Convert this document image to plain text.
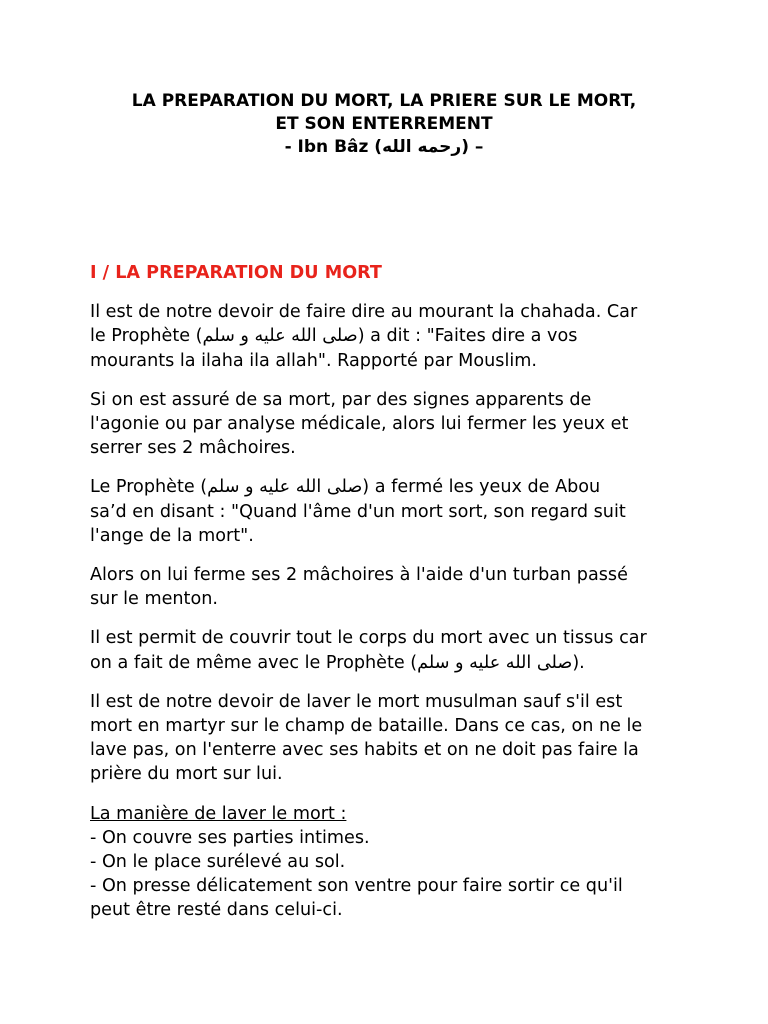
LA PREPARATION DU MORT, LA PRIERE SUR LE MORT,
ET SON ENTERREMENT
- Ibn Bâz (رحمه الله) –
I / LA PREPARATION DU MORT
Il est de notre devoir de faire dire au mourant la chahada. Car
le Prophète (صلى الله عليه و سلم) a dit : "Faites dire a vos
mourants la ilaha ila allah". Rapporté par Mouslim.
Si on est assuré de sa mort, par des signes apparents de
l'agonie ou par analyse médicale, alors lui fermer les yeux et
serrer ses 2 mâchoires.
Le Prophète (صلى الله عليه و سلم) a fermé les yeux de Abou
sa’d en disant : "Quand l'âme d'un mort sort, son regard suit
l'ange de la mort".
Alors on lui ferme ses 2 mâchoires à l'aide d'un turban passé
sur le menton.
Il est permit de couvrir tout le corps du mort avec un tissus car
on a fait de même avec le Prophète (صلى الله عليه و سلم).
Il est de notre devoir de laver le mort musulman sauf s'il est
mort en martyr sur le champ de bataille. Dans ce cas, on ne le
lave pas, on l'enterre avec ses habits et on ne doit pas faire la
prière du mort sur lui.
La manière de laver le mort :
- On couvre ses parties intimes.
- On le place surélevé au sol.
- On presse délicatement son ventre pour faire sortir ce qu'il
peut être resté dans celui-ci.
